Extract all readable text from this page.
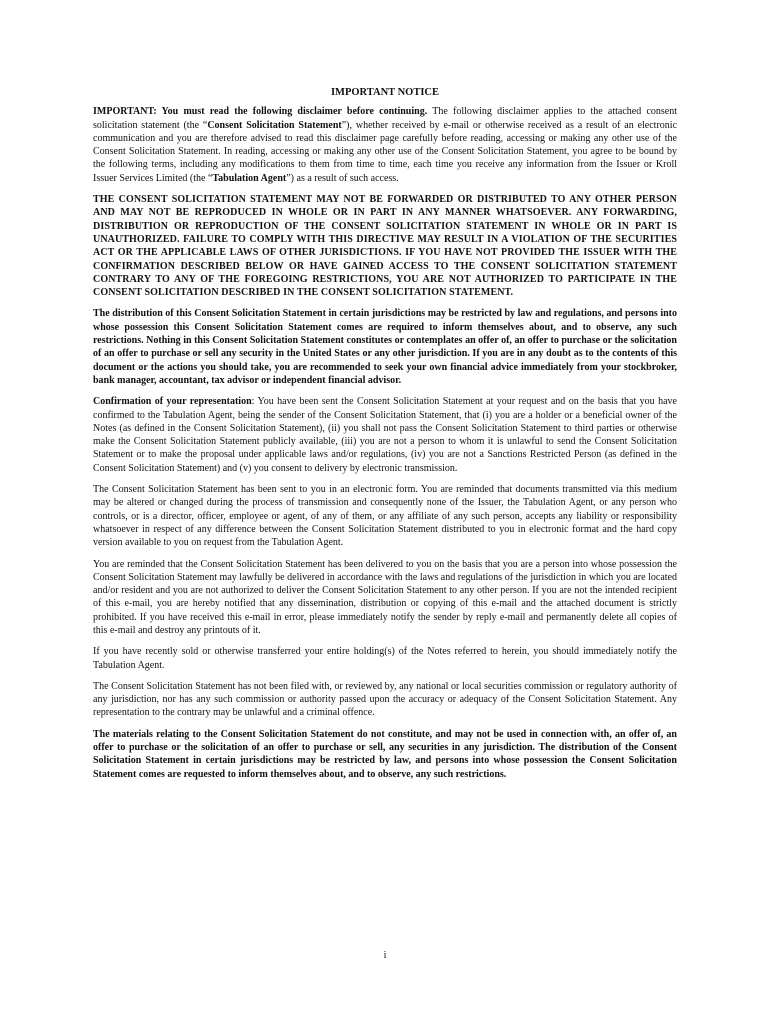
IMPORTANT NOTICE

IMPORTANT: You must read the following disclaimer before continuing. The following disclaimer applies to the attached consent solicitation statement (the “Consent Solicitation Statement”), whether received by e-mail or otherwise received as a result of an electronic communication and you are therefore advised to read this disclaimer page carefully before reading, accessing or making any other use of the Consent Solicitation Statement. In reading, accessing or making any other use of the Consent Solicitation Statement, you agree to be bound by the following terms, including any modifications to them from time to time, each time you receive any information from the Issuer or Kroll Issuer Services Limited (the “Tabulation Agent”) as a result of such access.

THE CONSENT SOLICITATION STATEMENT MAY NOT BE FORWARDED OR DISTRIBUTED TO ANY OTHER PERSON AND MAY NOT BE REPRODUCED IN WHOLE OR IN PART IN ANY MANNER WHATSOEVER. ANY FORWARDING, DISTRIBUTION OR REPRODUCTION OF THE CONSENT SOLICITATION STATEMENT IN WHOLE OR IN PART IS UNAUTHORIZED. FAILURE TO COMPLY WITH THIS DIRECTIVE MAY RESULT IN A VIOLATION OF THE SECURITIES ACT OR THE APPLICABLE LAWS OF OTHER JURISDICTIONS. IF YOU HAVE NOT PROVIDED THE ISSUER WITH THE CONFIRMATION DESCRIBED BELOW OR HAVE GAINED ACCESS TO THE CONSENT SOLICITATION STATEMENT CONTRARY TO ANY OF THE FOREGOING RESTRICTIONS, YOU ARE NOT AUTHORIZED TO PARTICIPATE IN THE CONSENT SOLICITATION DESCRIBED IN THE CONSENT SOLICITATION STATEMENT.

The distribution of this Consent Solicitation Statement in certain jurisdictions may be restricted by law and regulations, and persons into whose possession this Consent Solicitation Statement comes are required to inform themselves about, and to observe, any such restrictions. Nothing in this Consent Solicitation Statement constitutes or contemplates an offer of, an offer to purchase or the solicitation of an offer to purchase or sell any security in the United States or any other jurisdiction. If you are in any doubt as to the contents of this document or the actions you should take, you are recommended to seek your own financial advice immediately from your stockbroker, bank manager, accountant, tax advisor or independent financial advisor.

Confirmation of your representation: You have been sent the Consent Solicitation Statement at your request and on the basis that you have confirmed to the Tabulation Agent, being the sender of the Consent Solicitation Statement, that (i) you are a holder or a beneficial owner of the Notes (as defined in the Consent Solicitation Statement), (ii) you shall not pass the Consent Solicitation Statement to third parties or otherwise make the Consent Solicitation Statement publicly available, (iii) you are not a person to whom it is unlawful to send the Consent Solicitation Statement or to make the proposal under applicable laws and/or regulations, (iv) you are not a Sanctions Restricted Person (as defined in the Consent Solicitation Statement) and (v) you consent to delivery by electronic transmission.

The Consent Solicitation Statement has been sent to you in an electronic form. You are reminded that documents transmitted via this medium may be altered or changed during the process of transmission and consequently none of the Issuer, the Tabulation Agent, or any person who controls, or is a director, officer, employee or agent, of any of them, or any affiliate of any such person, accepts any liability or responsibility whatsoever in respect of any difference between the Consent Solicitation Statement distributed to you in electronic format and the hard copy version available to you on request from the Tabulation Agent.

You are reminded that the Consent Solicitation Statement has been delivered to you on the basis that you are a person into whose possession the Consent Solicitation Statement may lawfully be delivered in accordance with the laws and regulations of the jurisdiction in which you are located and/or resident and you are not authorized to deliver the Consent Solicitation Statement to any other person. If you are not the intended recipient of this e-mail, you are hereby notified that any dissemination, distribution or copying of this e-mail and the attached document is strictly prohibited. If you have received this e-mail in error, please immediately notify the sender by reply e-mail and permanently delete all copies of this e-mail and destroy any printouts of it.

If you have recently sold or otherwise transferred your entire holding(s) of the Notes referred to herein, you should immediately notify the Tabulation Agent.

The Consent Solicitation Statement has not been filed with, or reviewed by, any national or local securities commission or regulatory authority of any jurisdiction, nor has any such commission or authority passed upon the accuracy or adequacy of the Consent Solicitation Statement. Any representation to the contrary may be unlawful and a criminal offence.

The materials relating to the Consent Solicitation Statement do not constitute, and may not be used in connection with, an offer of, an offer to purchase or the solicitation of an offer to purchase or sell, any securities in any jurisdiction. The distribution of the Consent Solicitation Statement in certain jurisdictions may be restricted by law, and persons into whose possession the Consent Solicitation Statement comes are requested to inform themselves about, and to observe, any such restrictions.

i
